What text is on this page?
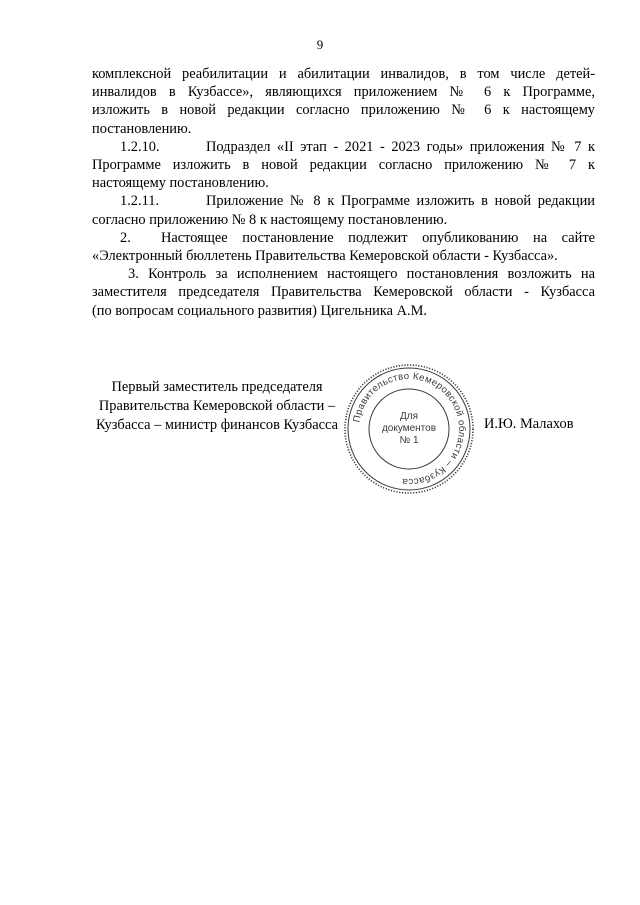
9

комплексной реабилитации и абилитации инвалидов, в том числе детей-
инвалидов в Кузбассе», являющихся приложением № 6 к Программе,
изложить в новой редакции согласно приложению № 6 к настоящему
постановлению.

1.2.10.	Подраздел «II этап - 2021 - 2023 годы» приложения № 7 к
Программе изложить в новой редакции согласно приложению № 7 к
настоящему постановлению.

1.2.11.	Приложение № 8 к Программе изложить в новой редакции
согласно приложению № 8 к настоящему постановлению.

2. Настоящее постановление подлежит опубликованию на сайте
«Электронный бюллетень Правительства Кемеровской области - Кузбасса».

3. Контроль за исполнением настоящего постановления возложить на
заместителя председателя Правительства Кемеровской области - Кузбасса
(по вопросам социального развития) Цигельника А.М.

Первый заместитель председателя
Правительства Кемеровской области –
Кузбасса – министр финансов Кузбасса	Правительство Кемеровской области – Кузбасса
Для
документов
№ 1
И.Ю. Малахов
